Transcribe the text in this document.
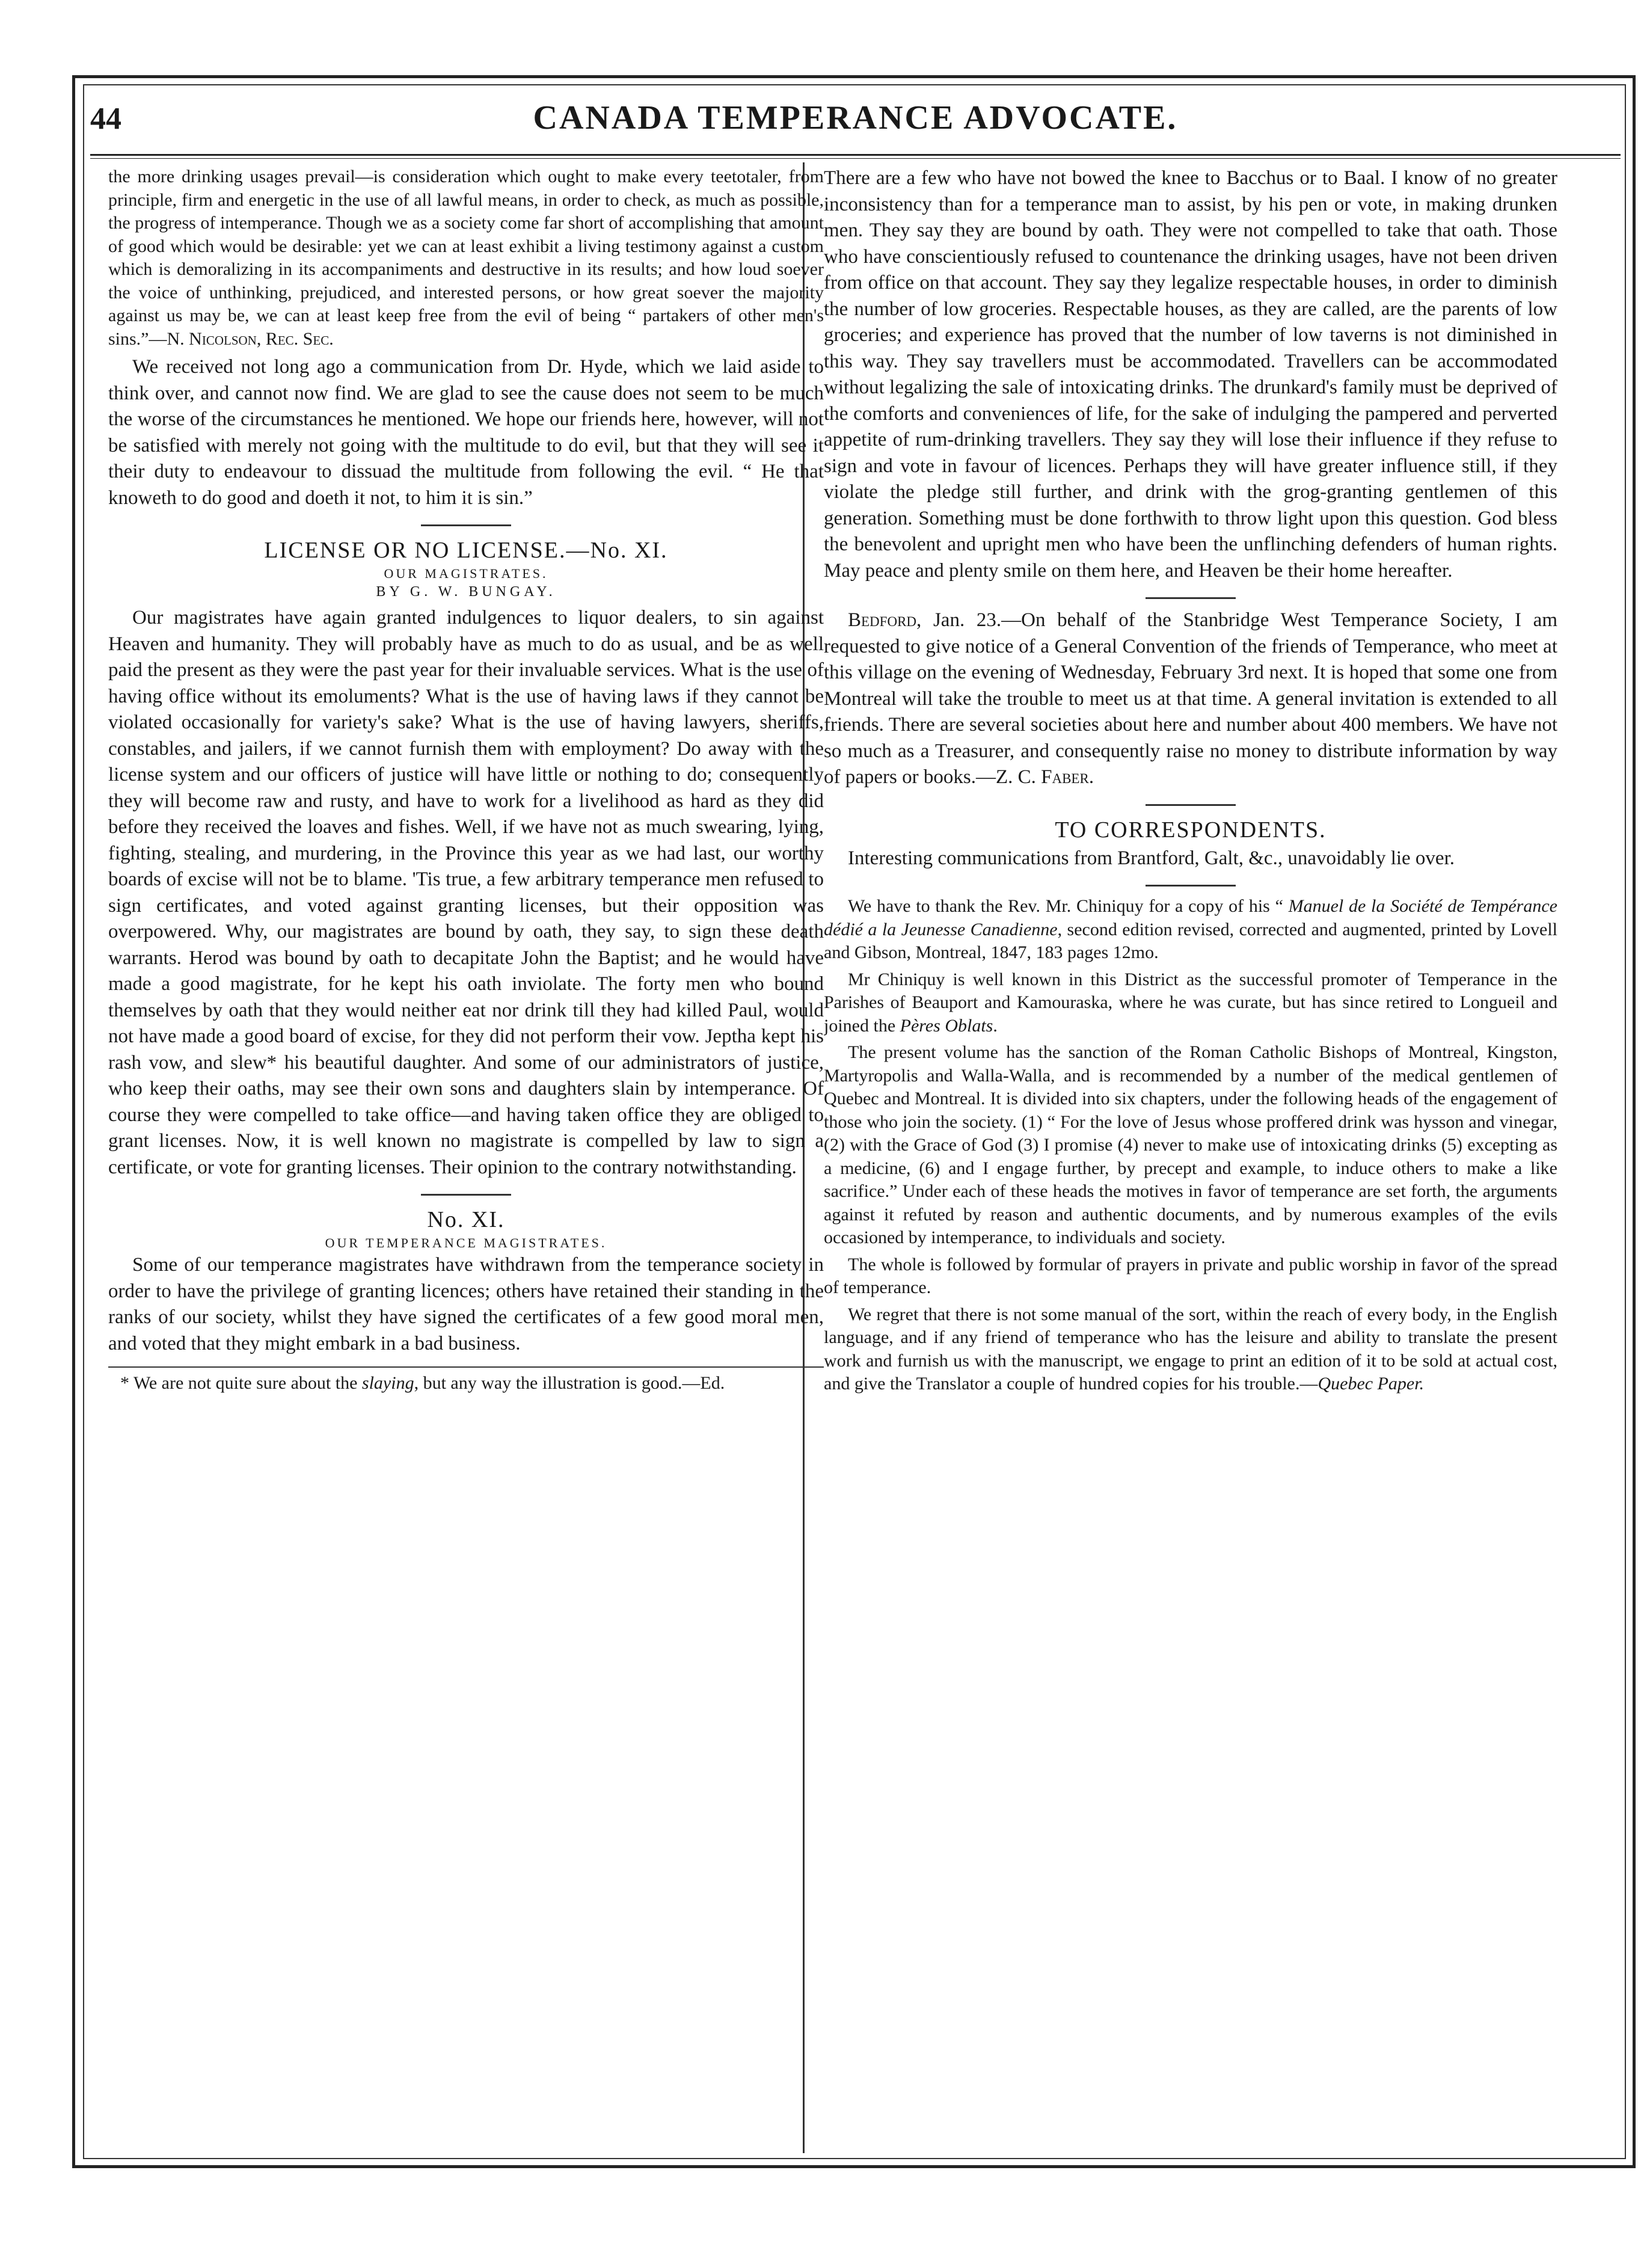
44	CANADA TEMPERANCE ADVOCATE.

the more drinking usages prevail—is consideration which ought to make every teetotaler, from principle, firm and energetic in the use of all lawful means, in order to check, as much as possible, the progress of intemperance. Though we as a society come far short of accomplishing that amount of good which would be desirable: yet we can at least exhibit a living testimony against a custom which is demoralizing in its accompaniments and destructive in its results; and how loud soever the voice of unthinking, prejudiced, and interested persons, or how great soever the majority against us may be, we can at least keep free from the evil of being “ partakers of other men's sins.”—N. Nicolson, Rec. Sec.

We received not long ago a communication from Dr. Hyde, which we laid aside to think over, and cannot now find. We are glad to see the cause does not seem to be much the worse of the circumstances he mentioned. We hope our friends here, however, will not be satisfied with merely not going with the multitude to do evil, but that they will see it their duty to endeavour to dissuad the multitude from following the evil. “ He that knoweth to do good and doeth it not, to him it is sin.”

LICENSE OR NO LICENSE.—No. XI.
OUR MAGISTRATES.
BY G. W. BUNGAY.

Our magistrates have again granted indulgences to liquor dealers, to sin against Heaven and humanity. They will probably have as much to do as usual, and be as well paid the present as they were the past year for their invaluable services. What is the use of having office without its emoluments? What is the use of having laws if they cannot be violated occasionally for variety's sake? What is the use of having lawyers, sheriffs, constables, and jailers, if we cannot furnish them with employment? Do away with the license system and our officers of justice will have little or nothing to do; consequently they will become raw and rusty, and have to work for a livelihood as hard as they did before they received the loaves and fishes. Well, if we have not as much swearing, lying, fighting, stealing, and murdering, in the Province this year as we had last, our worthy boards of excise will not be to blame. 'Tis true, a few arbitrary temperance men refused to sign certificates, and voted against granting licenses, but their opposition was overpowered. Why, our magistrates are bound by oath, they say, to sign these death warrants. Herod was bound by oath to decapitate John the Baptist; and he would have made a good magistrate, for he kept his oath inviolate. The forty men who bound themselves by oath that they would neither eat nor drink till they had killed Paul, would not have made a good board of excise, for they did not perform their vow. Jeptha kept his rash vow, and slew* his beautiful daughter. And some of our administrators of justice, who keep their oaths, may see their own sons and daughters slain by intemperance. Of course they were compelled to take office—and having taken office they are obliged to grant licenses. Now, it is well known no magistrate is compelled by law to sign a certificate, or vote for granting licenses. Their opinion to the contrary notwithstanding.

No. XI.
OUR TEMPERANCE MAGISTRATES.

Some of our temperance magistrates have withdrawn from the temperance society in order to have the privilege of granting licences; others have retained their standing in the ranks of our society, whilst they have signed the certificates of a few good moral men, and voted that they might embark in a bad business.

* We are not quite sure about the slaying, but any way the illustration is good.—Ed.

There are a few who have not bowed the knee to Bacchus or to Baal. I know of no greater inconsistency than for a temperance man to assist, by his pen or vote, in making drunken men. They say they are bound by oath. They were not compelled to take that oath. Those who have conscientiously refused to countenance the drinking usages, have not been driven from office on that account. They say they legalize respectable houses, in order to diminish the number of low groceries. Respectable houses, as they are called, are the parents of low groceries; and experience has proved that the number of low taverns is not diminished in this way. They say travellers must be accommodated. Travellers can be accommodated without legalizing the sale of intoxicating drinks. The drunkard's family must be deprived of the comforts and conveniences of life, for the sake of indulging the pampered and perverted appetite of rum-drinking travellers. They say they will lose their influence if they refuse to sign and vote in favour of licences. Perhaps they will have greater influence still, if they violate the pledge still further, and drink with the grog-granting gentlemen of this generation. Something must be done forthwith to throw light upon this question. God bless the benevolent and upright men who have been the unflinching defenders of human rights. May peace and plenty smile on them here, and Heaven be their home hereafter.

Bedford, Jan. 23.—On behalf of the Stanbridge West Temperance Society, I am requested to give notice of a General Convention of the friends of Temperance, who meet at this village on the evening of Wednesday, February 3rd next. It is hoped that some one from Montreal will take the trouble to meet us at that time. A general invitation is extended to all friends. There are several societies about here and number about 400 members. We have not so much as a Treasurer, and consequently raise no money to distribute information by way of papers or books.—Z. C. Faber.

TO CORRESPONDENTS.

Interesting communications from Brantford, Galt, &c., unavoidably lie over.

We have to thank the Rev. Mr. Chiniquy for a copy of his “ Manuel de la Société de Tempérance dédié a la Jeunesse Canadienne, second edition revised, corrected and augmented, printed by Lovell and Gibson, Montreal, 1847, 183 pages 12mo.

Mr Chiniquy is well known in this District as the successful promoter of Temperance in the Parishes of Beauport and Kamouraska, where he was curate, but has since retired to Longueil and joined the Pères Oblats.

The present volume has the sanction of the Roman Catholic Bishops of Montreal, Kingston, Martyropolis and Walla-Walla, and is recommended by a number of the medical gentlemen of Quebec and Montreal. It is divided into six chapters, under the following heads of the engagement of those who join the society. (1) “ For the love of Jesus whose proffered drink was hysson and vinegar, (2) with the Grace of God (3) I promise (4) never to make use of intoxicating drinks (5) excepting as a medicine, (6) and I engage further, by precept and example, to induce others to make a like sacrifice.” Under each of these heads the motives in favor of temperance are set forth, the arguments against it refuted by reason and authentic documents, and by numerous examples of the evils occasioned by intemperance, to individuals and society.

The whole is followed by formular of prayers in private and public worship in favor of the spread of temperance.

We regret that there is not some manual of the sort, within the reach of every body, in the English language, and if any friend of temperance who has the leisure and ability to translate the present work and furnish us with the manuscript, we engage to print an edition of it to be sold at actual cost, and give the Translator a couple of hundred copies for his trouble.—Quebec Paper.
